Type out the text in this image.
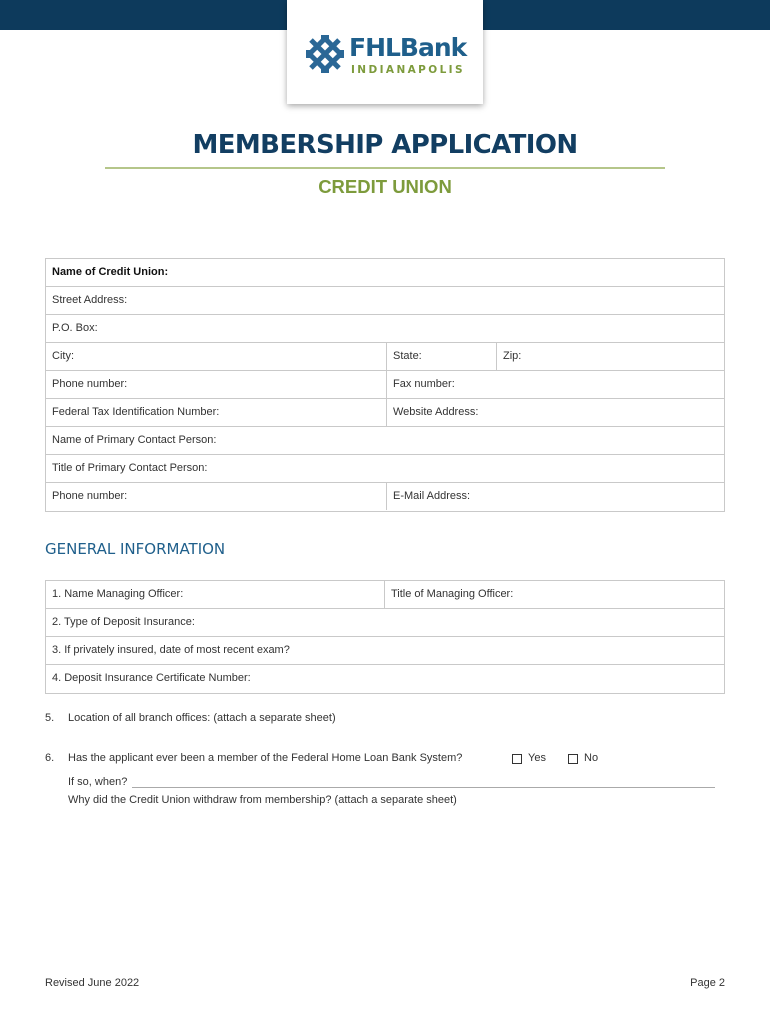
FHLBank
INDIANAPOLIS
MEMBERSHIP APPLICATION
CREDIT UNION
Name of Credit Union:
Street Address:
P.O. Box:
City:	State:	Zip:
Phone number:	Fax number:
Federal Tax Identification Number:	Website Address:
Name of Primary Contact Person:
Title of Primary Contact Person:
Phone number:	E-Mail Address:
GENERAL INFORMATION
1. Name Managing Officer:	Title of Managing Officer:
2. Type of Deposit Insurance:
3. If privately insured, date of most recent exam?
4. Deposit Insurance Certificate Number:
5. Location of all branch offices: (attach a separate sheet)
6. Has the applicant ever been a member of the Federal Home Loan Bank System?	Yes	No
If so, when?
Why did the Credit Union withdraw from membership? (attach a separate sheet)
Revised June 2022	Page 2
